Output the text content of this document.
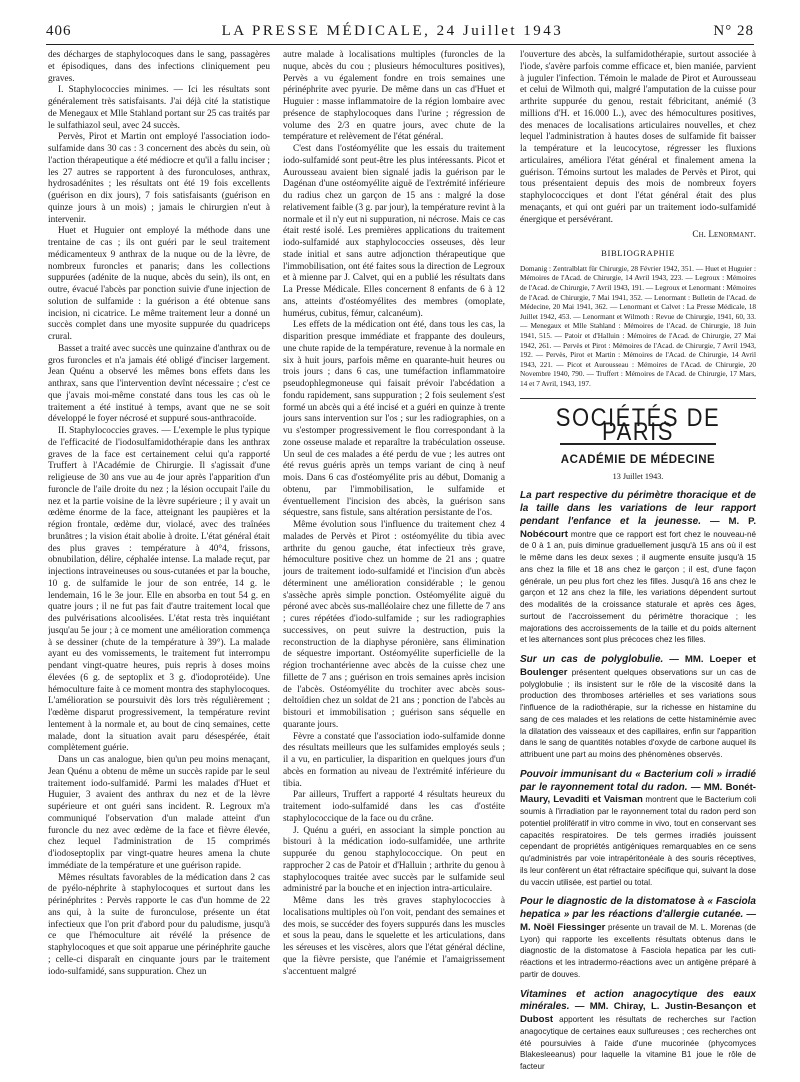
406	LA PRESSE MÉDICALE, 24 Juillet 1943	N° 28

des décharges de staphylocoques dans le sang, passagères et épisodiques, dans des infections cliniquement peu graves.

I. Staphylococcies minimes. — Ici les résultats sont généralement très satisfaisants. J'ai déjà cité la statistique de Menegaux et Mlle Stahland portant sur 25 cas traités par le sulfathiazol seul, avec 24 succès.

Pervès, Pirot et Martin ont employé l'association iodo-sulfamide dans 30 cas : 3 concernent des abcès du sein, où l'action thérapeutique a été médiocre et qu'il a fallu inciser ; les 27 autres se rapportent à des furonculoses, anthrax, hydrosadénites ; les résultats ont été 19 fois excellents (guérison en dix jours), 7 fois satisfaisants (guérison en quinze jours à un mois) ; jamais le chirurgien n'eut à intervenir.

Huet et Huguier ont employé la méthode dans une trentaine de cas ; ils ont guéri par le seul traitement médicamenteux 9 anthrax de la nuque ou de la lèvre, de nombreux furoncles et panaris; dans les collections suppurées (adénite de la nuque, abcès du sein), ils ont, en outre, évacué l'abcès par ponction suivie d'une injection de solution de sulfamide : la guérison a été obtenue sans incision, ni cicatrice. Le même traitement leur a donné un succès complet dans une myosite suppurée du quadriceps crural.

Basset a traité avec succès une quinzaine d'anthrax ou de gros furoncles et n'a jamais été obligé d'inciser largement. Jean Quénu a observé les mêmes bons effets dans les anthrax, sans que l'intervention devînt nécessaire ; c'est ce que j'avais moi-même constaté dans tous les cas où le traitement a été institué à temps, avant que ne se soit développé le foyer nécrosé et suppuré sous-anthracoïde.

II. Staphylococcies graves. — L'exemple le plus typique de l'efficacité de l'iodosulfamidothérapie dans les anthrax graves de la face est certainement celui qu'a rapporté Truffert à l'Académie de Chirurgie. Il s'agissait d'une religieuse de 30 ans vue au 4e jour après l'apparition d'un furoncle de l'aile droite du nez ; la lésion occupait l'aile du nez et la partie voisine de la lèvre supérieure ; il y avait un œdème énorme de la face, atteignant les paupières et la région frontale, œdème dur, violacé, avec des traînées brunâtres ; la vision était abolie à droite. L'état général était des plus graves : température à 40°4, frissons, obnubilation, délire, céphalée intense. La malade reçut, par injections intraveineuses ou sous-cutanées et par la bouche, 10 g. de sulfamide le jour de son entrée, 14 g. le lendemain, 16 le 3e jour. Elle en absorba en tout 54 g. en quatre jours ; il ne fut pas fait d'autre traitement local que des pulvérisations alcoolisées. L'état resta très inquiétant jusqu'au 5e jour ; à ce moment une amélioration commença à se dessiner (chute de la température à 39°). La malade ayant eu des vomissements, le traitement fut interrompu pendant vingt-quatre heures, puis repris à doses moins élevées (6 g. de septoplix et 3 g. d'iodoprotéide). Une hémoculture faite à ce moment montra des staphylocoques. L'amélioration se poursuivit dès lors très régulièrement ; l'œdème disparut progressivement, la température revint lentement à la normale et, au bout de cinq semaines, cette malade, dont la situation avait paru désespérée, était complètement guérie.

Dans un cas analogue, bien qu'un peu moins menaçant, Jean Quénu a obtenu de même un succès rapide par le seul traitement iodo-sulfamidé. Parmi les malades d'Huet et Huguier, 3 avaient des anthrax du nez et de la lèvre supérieure et ont guéri sans incident. R. Legroux m'a communiqué l'observation d'un malade atteint d'un furoncle du nez avec œdème de la face et fièvre élevée, chez lequel l'administration de 15 comprimés d'iodoseptoplix par vingt-quatre heures amena la chute immédiate de la température et une guérison rapide.

Mêmes résultats favorables de la médication dans 2 cas de pyélo-néphrite à staphylocoques et surtout dans les périnéphrites : Pervès rapporte le cas d'un homme de 22 ans qui, à la suite de furonculose, présente un état infectieux que l'on prit d'abord pour du paludisme, jusqu'à ce que l'hémoculture ait révélé la présence de staphylocoques et que soit apparue une périnéphrite gauche ; celle-ci disparaît en cinquante jours par le traitement iodo-sulfamidé, sans suppuration. Chez un

autre malade à localisations multiples (furoncles de la nuque, abcès du cou ; plusieurs hémocultures positives), Pervès a vu également fondre en trois semaines une périnéphrite avec pyurie. De même dans un cas d'Huet et Huguier : masse inflammatoire de la région lombaire avec présence de staphylocoques dans l'urine ; régression de volume des 2/3 en quatre jours, avec chute de la température et relèvement de l'état général.

C'est dans l'ostéomyélite que les essais du traitement iodo-sulfamidé sont peut-être les plus intéressants. Picot et Aurousseau avaient bien signalé jadis la guérison par le Dagénan d'une ostéomyélite aiguë de l'extrémité inférieure du radius chez un garçon de 15 ans : malgré la dose relativement faible (3 g. par jour), la température revint à la normale et il n'y eut ni suppuration, ni nécrose. Mais ce cas était resté isolé. Les premières applications du traitement iodo-sulfamidé aux staphylococcies osseuses, dès leur stade initial et sans autre adjonction thérapeutique que l'immobilisation, ont été faites sous la direction de Legroux et à mienne par J. Calvet, qui en a publié les résultats dans La Presse Médicale. Elles concernent 8 enfants de 6 à 12 ans, atteints d'ostéomyélites des membres (omoplate, humérus, cubitus, fémur, calcanéum).

Les effets de la médication ont été, dans tous les cas, la disparition presque immédiate et frappante des douleurs, une chute rapide de la température, revenue à la normale en six à huit jours, parfois même en quarante-huit heures ou trois jours ; dans 6 cas, une tuméfaction inflammatoire pseudophlegmoneuse qui faisait prévoir l'abcédation a fondu rapidement, sans suppuration ; 2 fois seulement s'est formé un abcès qui a été incisé et a guéri en quinze à trente jours sans intervention sur l'os ; sur les radiographies, on a vu s'estomper progressivement le flou correspondant à la zone osseuse malade et reparaître la trabéculation osseuse. Un seul de ces malades a été perdu de vue ; les autres ont été revus guéris après un temps variant de cinq à neuf mois. Dans 6 cas d'ostéomyélite pris au début, Domanig a obtenu, par l'immobilisation, le sulfamide et éventuellement l'incision des abcès, la guérison sans séquestre, sans fistule, sans altération persistante de l'os.

Même évolution sous l'influence du traitement chez 4 malades de Pervès et Pirot : ostéomyélite du tibia avec arthrite du genou gauche, état infectieux très grave, hémoculture positive chez un homme de 21 ans ; quatre jours de traitement iodo-sulfamidé et l'incision d'un abcès déterminent une amélioration considérable ; le genou s'assèche après simple ponction. Ostéomyélite aiguë du péroné avec abcès sus-malléolaire chez une fillette de 7 ans ; cures répétées d'iodo-sulfamide ; sur les radiographies successives, on peut suivre la destruction, puis la reconstruction de la diaphyse péronière, sans élimination de séquestre important. Ostéomyélite superficielle de la région trochantérienne avec abcès de la cuisse chez une fillette de 7 ans ; guérison en trois semaines après incision de l'abcès. Ostéomyélite du trochiter avec abcès sous-deltoïdien chez un soldat de 21 ans ; ponction de l'abcès au bistouri et immobilisation ; guérison sans séquelle en quarante jours.

Fèvre a constaté que l'association iodo-sulfamide donne des résultats meilleurs que les sulfamides employés seuls ; il a vu, en particulier, la disparition en quelques jours d'un abcès en formation au niveau de l'extrémité inférieure du tibia.

Par ailleurs, Truffert a rapporté 4 résultats heureux du traitement iodo-sulfamidé dans les cas d'ostéite staphylococcique de la face ou du crâne.

J. Quénu a guéri, en associant la simple ponction au bistouri à la médication iodo-sulfamidée, une arthrite suppurée du genou staphylococcique. On peut en rapprocher 2 cas de Patoir et d'Halluin ; arthrite du genou à staphylocoques traitée avec succès par le sulfamide seul administré par la bouche et en injection intra-articulaire.

Même dans les très graves staphylococcies à localisations multiples où l'on voit, pendant des semaines et des mois, se succéder des foyers suppurés dans les muscles et sous la peau, dans le squelette et les articulations, dans les séreuses et les viscères, alors que l'état général décline, que la fièvre persiste, que l'anémie et l'amaigrissement s'accentuent malgré

l'ouverture des abcès, la sulfamidothérapie, surtout associée à l'iode, s'avère parfois comme efficace et, bien maniée, parvient à juguler l'infection. Témoin le malade de Pirot et Aurousseau et celui de Wilmoth qui, malgré l'amputation de la cuisse pour arthrite suppurée du genou, restait fébricitant, anémié (3 millions d'H. et 16.000 L.), avec des hémocultures positives, des menaces de localisations articulaires nouvelles, et chez lequel l'administration à hautes doses de sulfamide fit baisser la température et la leucocytose, régresser les fluxions articulaires, améliora l'état général et finalement amena la guérison. Témoins surtout les malades de Pervès et Pirot, qui tous présentaient depuis des mois de nombreux foyers staphylococciques et dont l'état général était des plus menaçants, et qui ont guéri par un traitement iodo-sulfamidé énergique et persévérant.

Ch. Lenormant.
BIBLIOGRAPHIE
Domanig : Zentralblatt für Chirurgie, 28 Février 1942, 351. — Huet et Huguier : Mémoires de l'Acad. de Chirurgie, 14 Avril 1943, 223. — Legroux : Mémoires de l'Acad. de Chirurgie, 7 Avril 1943, 191. — Legroux et Lenormant : Mémoires de l'Acad. de Chirurgie, 7 Mai 1941, 352. — Lenormant : Bulletin de l'Acad. de Médecine, 20 Mai 1941, 362. — Lenormant et Calvet : La Presse Médicale, 18 Juillet 1942, 453. — Lenormant et Wilmoth : Revue de Chirurgie, 1941, 60, 33. — Menegaux et Mlle Stahland : Mémoires de l'Acad. de Chirurgie, 18 Juin 1941, 515. — Patoir et d'Halluin : Mémoires de l'Acad. de Chirurgie, 27 Mai 1942, 261. — Pervès et Pirot : Mémoires de l'Acad. de Chirurgie, 7 Avril 1943, 192. — Pervès, Pirot et Martin : Mémoires de l'Acad. de Chirurgie, 14 Avril 1943, 221. — Picot et Aurousseau : Mémoires de l'Acad. de Chirurgie, 20 Novembre 1940, 790. — Truffert : Mémoires de l'Acad. de Chirurgie, 17 Mars, 14 et 7 Avril, 1943, 197.
SOCIÉTÉS DE PARIS
ACADÉMIE DE MÉDECINE
13 Juillet 1943.
La part respective du périmètre thoracique et de la taille dans les variations de leur rapport pendant l'enfance et la jeunesse. — M. P. Nobécourt montre que ce rapport est fort chez le nouveau-né de 0 à 1 an, puis diminue graduellement jusqu'à 15 ans où il est le même dans les deux sexes ; il augmente ensuite jusqu'à 15 ans chez la fille et 18 ans chez le garçon ; il est, d'une façon générale, un peu plus fort chez les filles. Jusqu'à 16 ans chez le garçon et 12 ans chez la fille, les variations dépendent surtout des modalités de la croissance staturale et après ces âges, surtout de l'accroissement du périmètre thoracique ; les majorations des accroissements de la taille et du poids alternent et les alternances sont plus précoces chez les filles.
Sur un cas de polyglobulie. — MM. Loeper et Boulenger présentent quelques observations sur un cas de polyglobulie ; ils insistent sur le rôle de la viscosité dans la production des thromboses artérielles et ses variations sous l'influence de la radiothérapie, sur la richesse en histamine du sang de ces malades et les relations de cette histaminémie avec la dilatation des vaisseaux et des capillaires, enfin sur l'apparition dans le sang de quantités notables d'oxyde de carbone auquel ils attribuent une part au moins des phénomènes observés.
Pouvoir immunisant du « Bacterium coli » irradié par le rayonnement total du radon. — MM. Bonét-Maury, Levaditi et Vaisman montrent que le Bacterium coli soumis à l'irradiation par le rayonnement total du radon perd son potentiel prolifératif in vitro comme in vivo, tout en conservant ses capacités respiratoires. De tels germes irradiés jouissent cependant de propriétés antigéniques remarquables en ce sens qu'administrés par voie intrapéritonéale à des souris réceptives, ils leur confèrent un état réfractaire spécifique qui, suivant la dose du vaccin utilisée, est partiel ou total.
Pour le diagnostic de la distomatose à « Fasciola hepatica » par les réactions d'allergie cutanée. — M. Noël Fiessinger présente un travail de M. L. Morenas (de Lyon) qui rapporte les excellents résultats obtenus dans le diagnostic de la distomatose à Fasciola hepatica par les cuti-réactions et les intradermo-réactions avec un antigène préparé à partir de douves.
Vitamines et action anagocytique des eaux minérales. — MM. Chiray, L. Justin-Besançon et Dubost apportent les résultats de recherches sur l'action anagocytique de certaines eaux sulfureuses ; ces recherches ont été poursuivies à l'aide d'une mucorinée (phycomyces Blakesleeanus) pour laquelle la vitamine B1 joue le rôle de facteur
